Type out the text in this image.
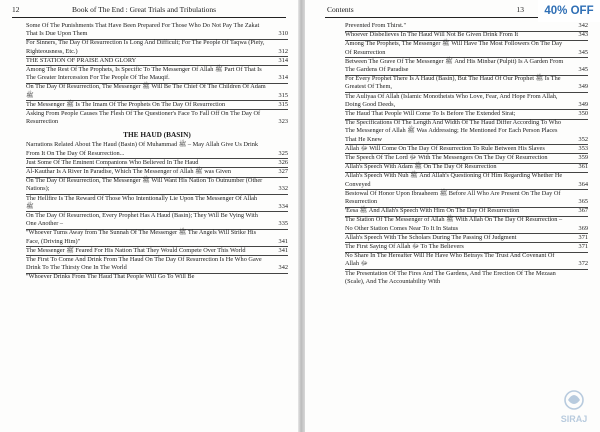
12	Book of The End : Great Trials and Tribulations
Some Of The Punishments That Have Been Prepared For Those Who Do Not Pay The Zakat That Is Due Upon Them	310
For Sinners, The Day Of Resurrection Is Long And Difficult; For The People Of Taqwa (Piety, Righteousness, Etc.)	312
THE STATION OF PRAISE AND GLORY	314
Among The Rest Of The Prophets, Is Specific To The Messenger Of Allah ﷺ Part Of That Is The Greater Intercession For The People Of The Mauqif.	314
On The Day Of Resurrection, The Messenger ﷺ Will Be The Chief Of The Children Of Adam ﷺ	315
The Messenger ﷺ Is The Imam Of The Prophets On The Day Of Resurrection	315
Asking From People Causes The Flesh Of The Questioner's Face To Fall Off On The Day Of Resurrection	323
THE HAUD (BASIN)
Narrations Related About The Haud (Basin) Of Muhammad ﷺ – May Allah Give Us Drink From It On The Day Of Resurrection...	325
Just Some Of The Eminent Companions Who Believed In The Haud	326
Al-Kauthar Is A River In Paradise, Which The Messenger of Allah ﷺ was Given	327
On The Day Of Resurrection, The Messenger ﷺ Will Want His Nation To Outnumber (Other Nations);	332
The Hellfire Is The Reward Of Those Who Intentionally Lie Upon The Messenger Of Allah ﷺ	334
On The Day Of Resurrection, Every Prophet Has A Haud (Basin); They Will Be Vying With One Another –	335
"Whoever Turns Away from The Sunnah Of The Messenger ﷺ The Angels Will Strike His Face, (Driving Him)"	341
The Messenger ﷺ Feared For His Nation That They Would Compete Over This World	341
The First To Come And Drink From The Haud On The Day Of Resurrection Is He Who Gave Drink To The Thirsty One In The World	342
"Whoever Drinks From The Haud That People Will Go To Will Be
Contents	13
Prevented From Thirst."	342
Whoever Disbelieves In The Haud Will Not Be Given Drink From It	343
Among The Prophets, The Messenger ﷺ Will Have The Most Followers On The Day Of Resurrection	345
Between The Grave Of The Messenger ﷺ And His Minbar (Pulpit) Is A Garden From The Gardens Of Paradise	345
For Every Prophet There Is A Haud (Basin), But The Haud Of Our Prophet ﷺ Is The Greatest Of Them,	349
The Auliyaa Of Allah (Islamic Monotheists Who Love, Fear, And Hope From Allah, Doing Good Deeds,	349
The Haud That People Will Come To Is Before The Extended Sirat;	350
The Specifications Of The Length And Width Of The Haud Differ According To Who The Messenger of Allah ﷺ Was Addressing; He Mentioned For Each Person Places That He Knew	352
Allah ﷻ Will Come On The Day Of Resurrection To Rule Between His Slaves	353
The Speech Of The Lord ﷻ With The Messengers On The Day Of Resurrection	359
Allah's Speech With Adam ﷺ On The Day Of Resurrection	361
Allah's Speech With Nuh ﷺ And Allah's Questioning Of Him Regarding Whether He Conveyed	364
Bestowal Of Honor Upon Ibraaheem ﷺ Before All Who Are Present On The Day Of Resurrection	365
'Eesa ﷺ And Allah's Speech With Him On The Day Of Resurrection	367
The Station Of The Messenger of Allah ﷺ With Allah On The Day Of Resurrection – No Other Station Comes Near To It In Status	369
Allah's Speech With The Scholars During The Passing Of Judgment	371
The First Saying Of Allah ﷻ To The Believers	371
No Share In The Hereafter Will He Have Who Betrays The Trust And Covenant Of Allah ﷻ	372
The Presentation Of The Fires And The Gardens, And The Erection Of The Mezaan (Scale), And The Accountability With
40% OFF
SIRAJ
